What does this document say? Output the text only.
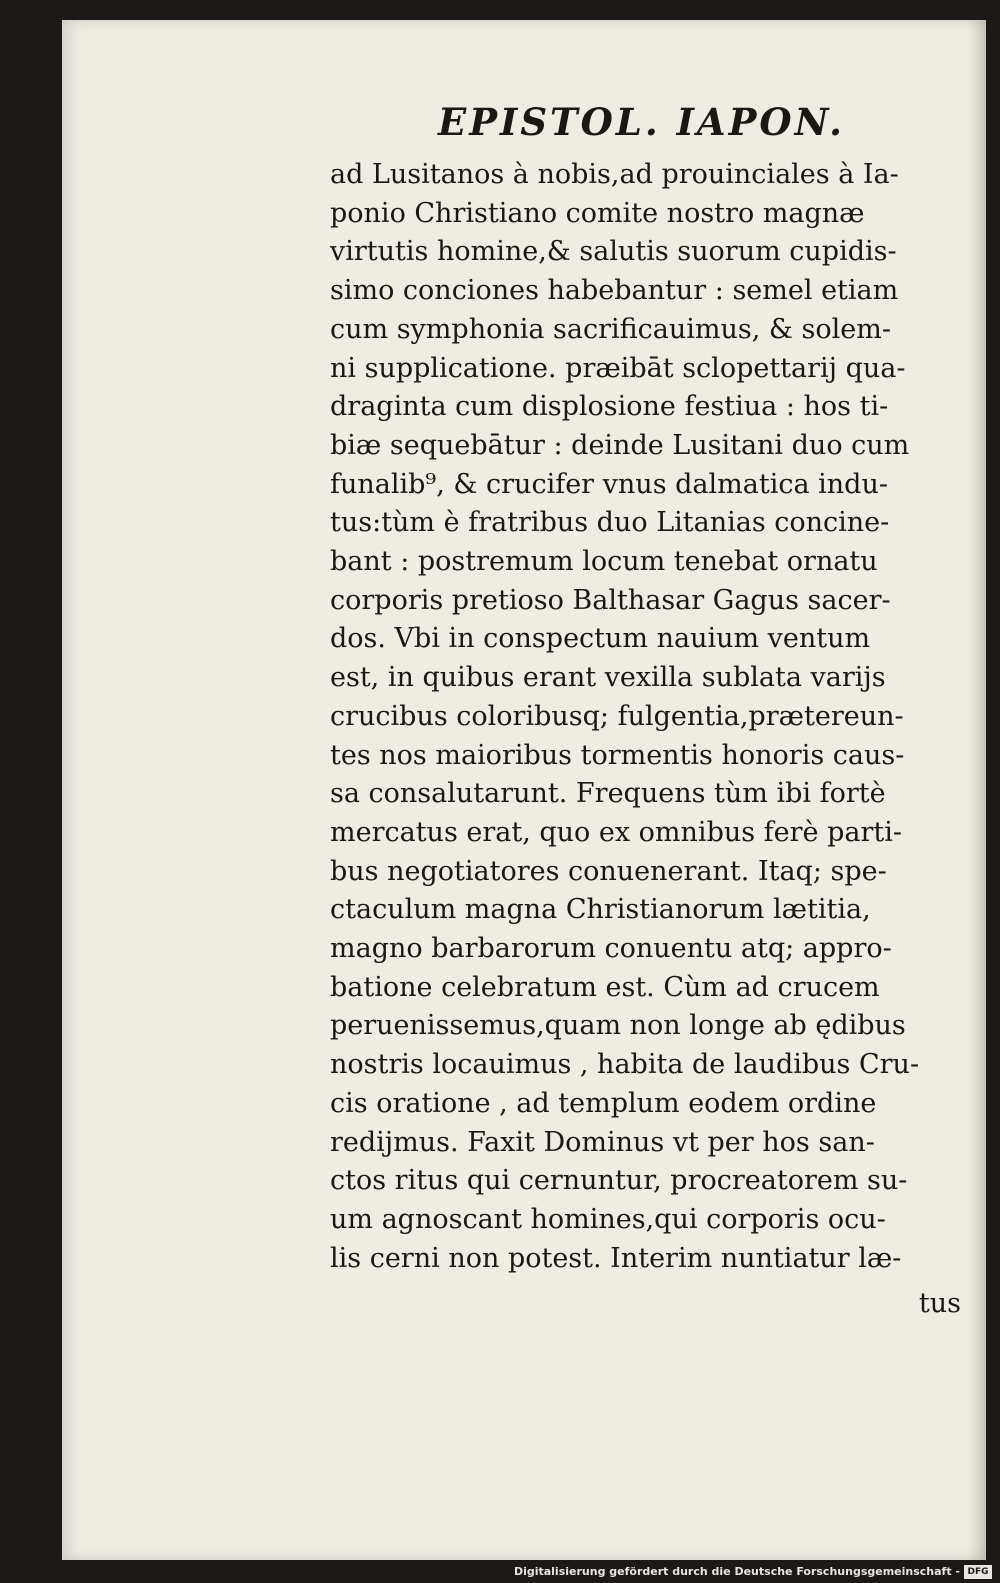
EPISTOL. IAPON.
ad Lusitanos à nobis,ad prouinciales à Ia-
ponio Christiano comite nostro magnæ
virtutis homine,& salutis suorum cupidis-
simo conciones habebantur : semel etiam
cum symphonia sacrificauimus, & solem-
ni supplicatione. præibāt sclopettarij qua-
draginta cum displosione festiua : hos ti-
biæ sequebātur : deinde Lusitani duo cum
funalib⁹, & crucifer vnus dalmatica indu-
tus:tùm è fratribus duo Litanias concine-
bant : postremum locum tenebat ornatu
corporis pretioso Balthasar Gagus sacer-
dos. Vbi in conspectum nauium ventum
est, in quibus erant vexilla sublata varijs
crucibus coloribusq; fulgentia,prætereun-
tes nos maioribus tormentis honoris caus-
sa consalutarunt. Frequens tùm ibi fortè
mercatus erat, quo ex omnibus ferè parti-
bus negotiatores conuenerant. Itaq; spe-
ctaculum magna Christianorum lætitia,
magno barbarorum conuentu atq; appro-
batione celebratum est. Cùm ad crucem
peruenissemus,quam non longe ab ędibus
nostris locauimus , habita de laudibus Cru-
cis oratione , ad templum eodem ordine
redijmus. Faxit Dominus vt per hos san-
ctos ritus qui cernuntur, procreatorem su-
um agnoscant homines,qui corporis ocu-
lis cerni non potest. Interim nuntiatur læ-
tus
Digitalisierung gefördert durch die Deutsche Forschungsgemeinschaft - DFG
